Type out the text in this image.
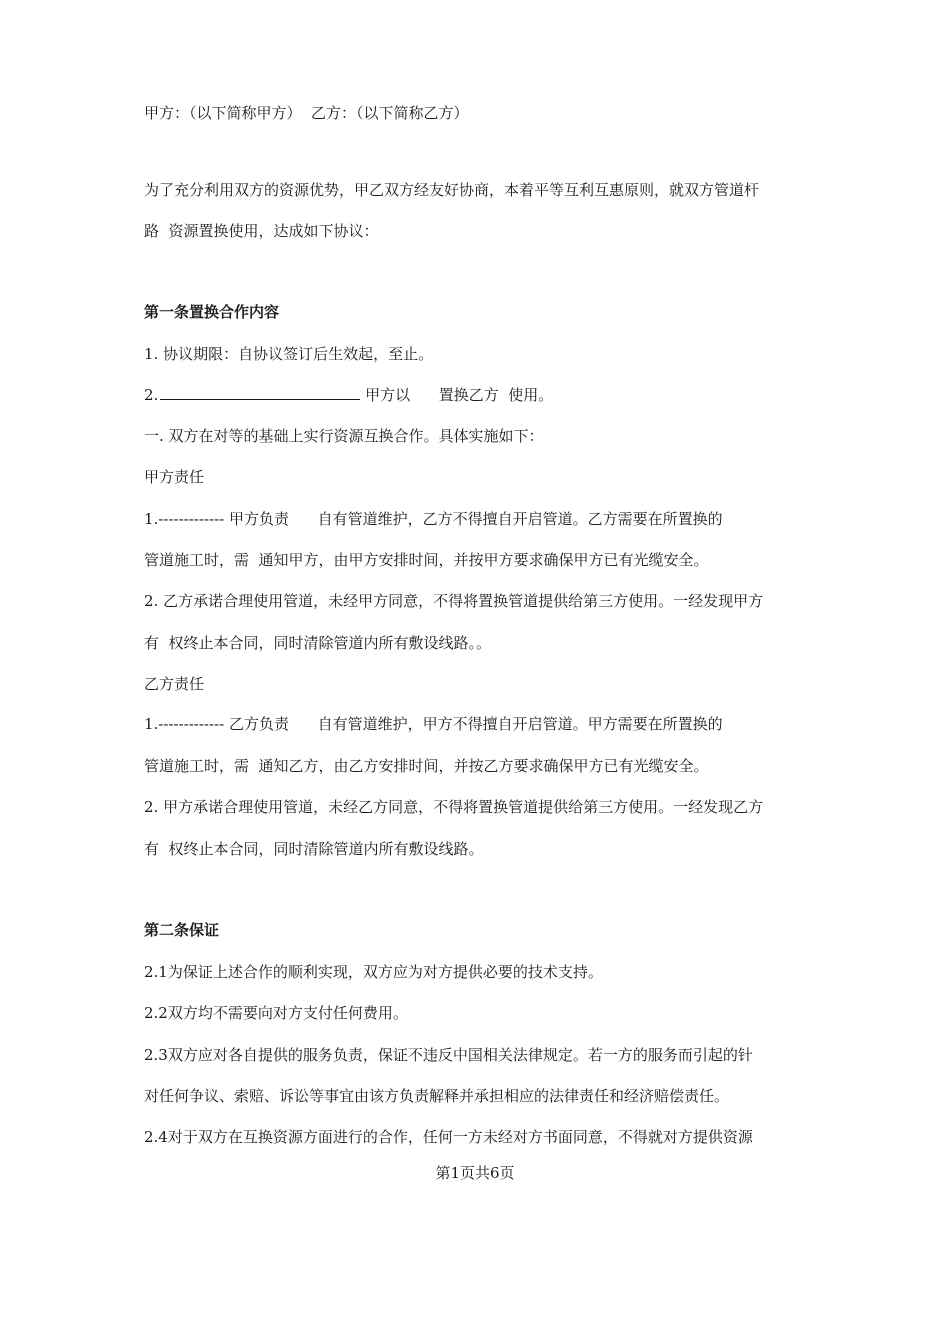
甲方：（以下简称甲方）  乙方：（以下简称乙方）
为了充分利用双方的资源优势，甲乙双方经友好协商，本着平等互利互惠原则，就双方管道杆
路  资源置换使用，达成如下协议：
第一条置换合作内容
1. 协议期限：自协议签订后生效起，至止。
2.	甲方以      置换乙方  使用。
一. 双方在对等的基础上实行资源互换合作。具体实施如下：
甲方责任
1.------------- 甲方负责      自有管道维护，乙方不得擅自开启管道。乙方需要在所置换的
管道施工时，需  通知甲方，由甲方安排时间，并按甲方要求确保甲方已有光缆安全。
2. 乙方承诺合理使用管道，未经甲方同意，不得将置换管道提供给第三方使用。一经发现甲方
有  权终止本合同，同时清除管道内所有敷设线路。。
乙方责任
1.------------- 乙方负责      自有管道维护，甲方不得擅自开启管道。甲方需要在所置换的
管道施工时，需  通知乙方，由乙方安排时间，并按乙方要求确保甲方已有光缆安全。
2. 甲方承诺合理使用管道，未经乙方同意，不得将置换管道提供给第三方使用。一经发现乙方
有  权终止本合同，同时清除管道内所有敷设线路。
第二条保证
2.1为保证上述合作的顺利实现，双方应为对方提供必要的技术支持。
2.2双方均不需要向对方支付任何费用。
2.3双方应对各自提供的服务负责，保证不违反中国相关法律规定。若一方的服务而引起的针
对任何争议、索赔、诉讼等事宜由该方负责解释并承担相应的法律责任和经济赔偿责任。
2.4对于双方在互换资源方面进行的合作，任何一方未经对方书面同意，不得就对方提供资源
第1页共6页
